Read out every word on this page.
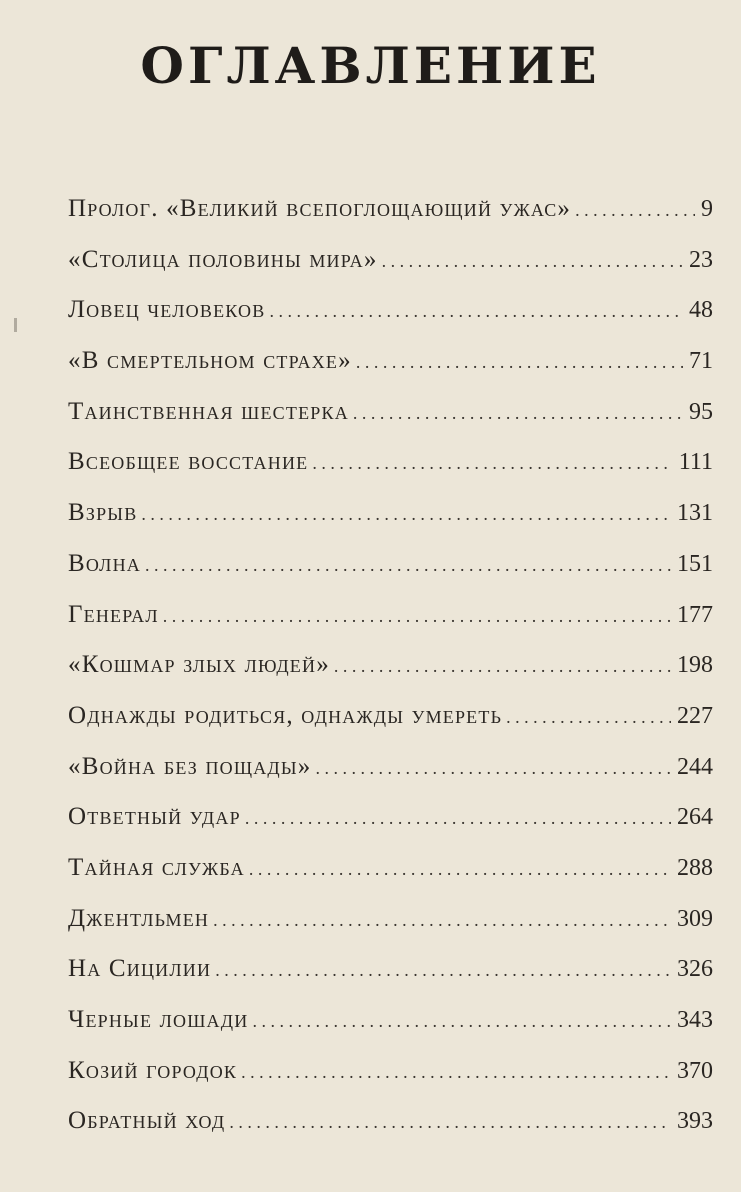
ОГЛАВЛЕНИЕ
Пролог. «Великий всепоглощающий ужас» . . .	9
«Столица половины мира» . . .	23
Ловец человеков . . .	48
«В смертельном страхе» . . .	71
Таинственная шестерка . . .	95
Всеобщее восстание . . .	111
Взрыв . . .	131
Волна . . .	151
Генерал . . .	177
«Кошмар злых людей» . . .	198
Однажды родиться, однажды умереть . . .	227
«Война без пощады» . . .	244
Ответный удар . . .	264
Тайная служба . . .	288
Джентльмен . . .	309
На Сицилии . . .	326
Черные лошади . . .	343
Козий городок . . .	370
Обратный ход . . .	393
